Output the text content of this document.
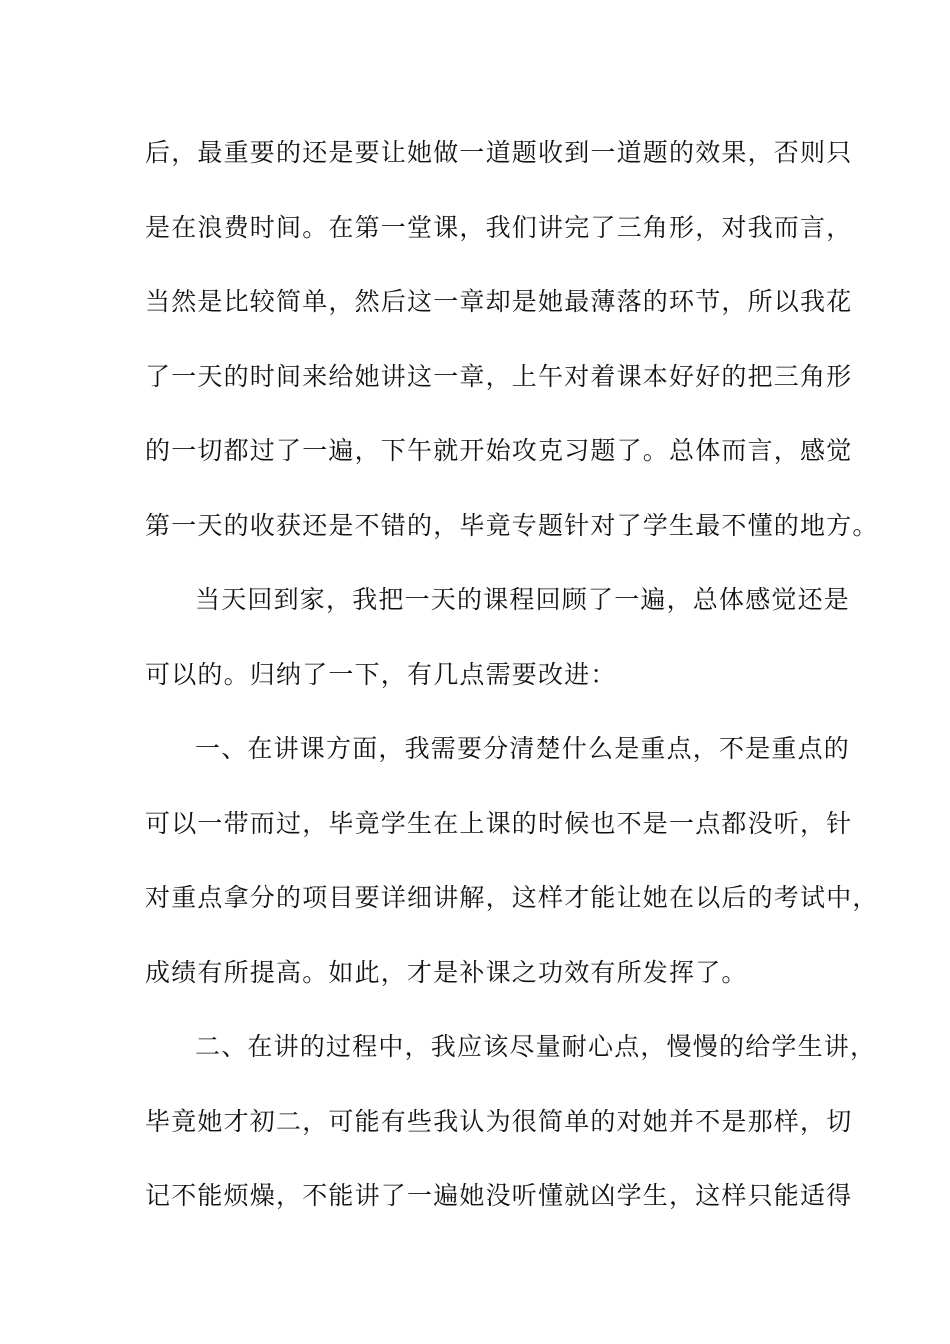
后，最重要的还是要让她做一道题收到一道题的效果，否则只
是在浪费时间。在第一堂课，我们讲完了三角形，对我而言，
当然是比较简单，然后这一章却是她最薄落的环节，所以我花
了一天的时间来给她讲这一章，上午对着课本好好的把三角形
的一切都过了一遍，下午就开始攻克习题了。总体而言，感觉
第一天的收获还是不错的，毕竟专题针对了学生最不懂的地方。
当天回到家，我把一天的课程回顾了一遍，总体感觉还是
可以的。归纳了一下，有几点需要改进：
一、在讲课方面，我需要分清楚什么是重点，不是重点的
可以一带而过，毕竟学生在上课的时候也不是一点都没听，针
对重点拿分的项目要详细讲解，这样才能让她在以后的考试中，
成绩有所提高。如此，才是补课之功效有所发挥了。
二、在讲的过程中，我应该尽量耐心点，慢慢的给学生讲，
毕竟她才初二，可能有些我认为很简单的对她并不是那样，切
记不能烦燥，不能讲了一遍她没听懂就凶学生，这样只能适得
